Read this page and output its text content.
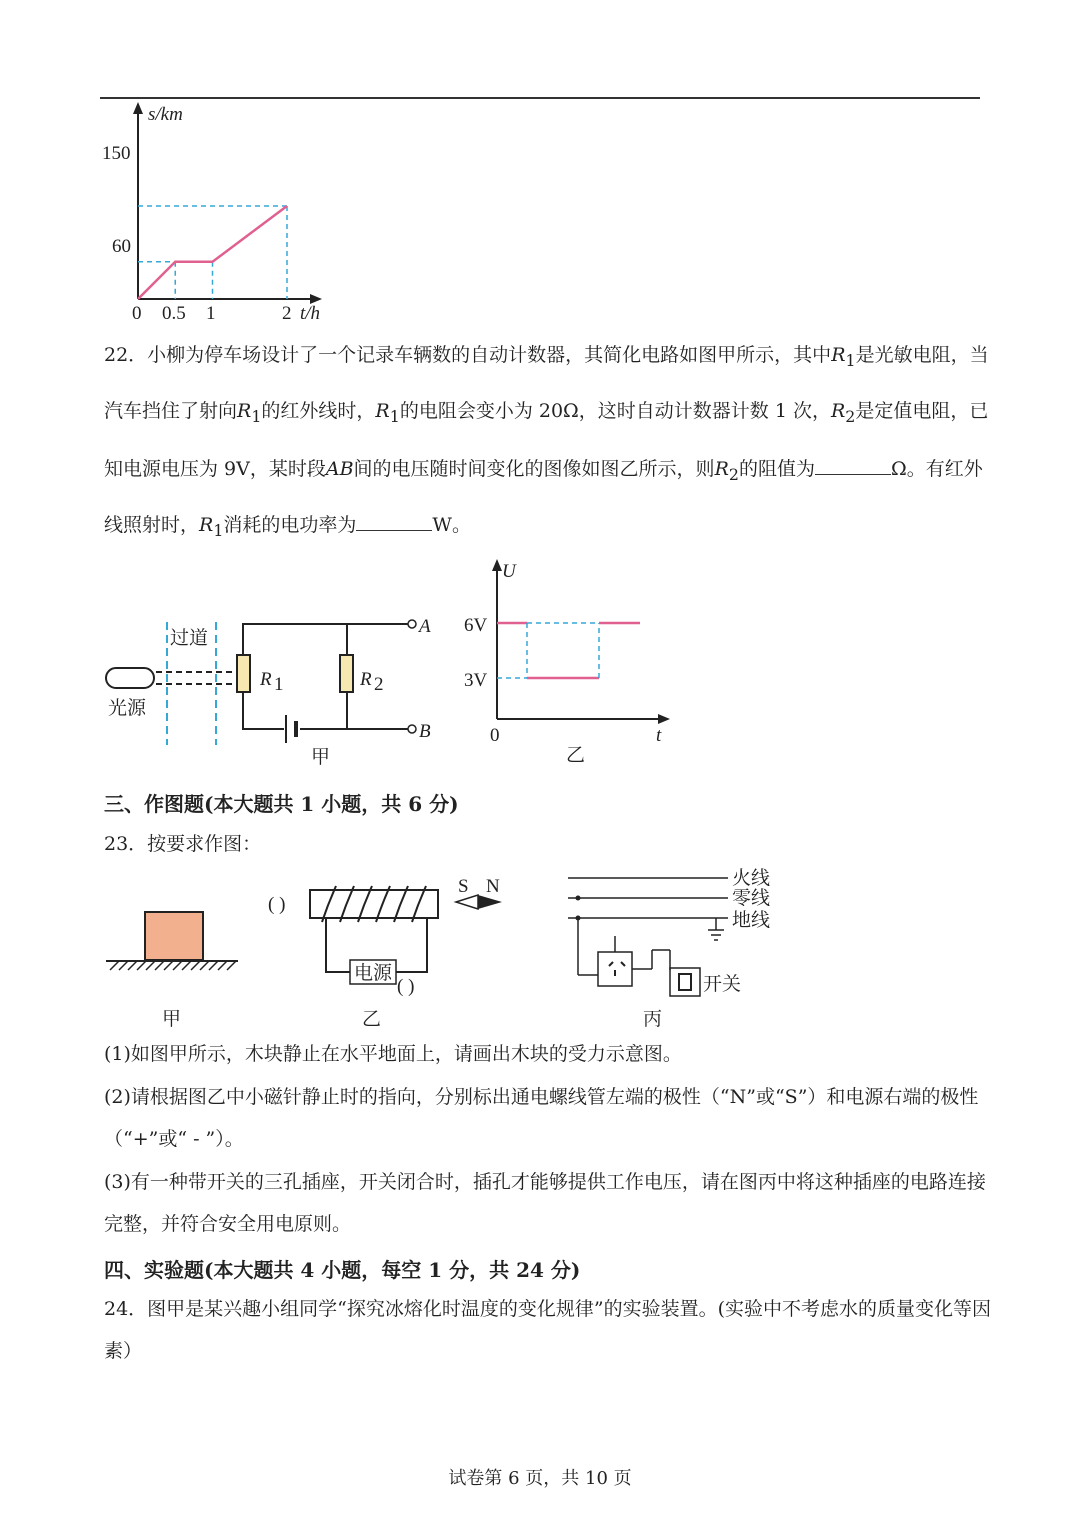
s/km
150
60
0 0.5 1	2 t/h
22．小柳为停车场设计了一个记录车辆数的自动计数器，其简化电路如图甲所示，其中$R_1$是光敏电阻，当
汽车挡住了射向$R_1$的红外线时，$R_1$的电阻会变小为 20Ω，这时自动计数器计数 1 次，$R_2$是定值电阻，已
知电源电压为 9V，某时段AB间的电压随时间变化的图像如图乙所示，则$R_2$的阻值为	Ω。有红外
线照射时，$R_1$消耗的电功率为	W。
过道
光源
A
B
R 1	R 2
甲
U
6V
3V
0	t
乙
三、作图题(本大题共 1 小题，共 6 分)
23．按要求作图：
甲
( )
电源
( )
乙
S N	火线
零线
地线
开关
丙
(1)如图甲所示，木块静止在水平地面上，请画出木块的受力示意图。
(2)请根据图乙中小磁针静止时的指向，分别标出通电螺线管左端的极性（“N”或“S”）和电源右端的极性
（“+”或“ - ”）。
(3)有一种带开关的三孔插座，开关闭合时，插孔才能够提供工作电压，请在图丙中将这种插座的电路连接
完整，并符合安全用电原则。
四、实验题(本大题共 4 小题，每空 1 分，共 24 分)
24．图甲是某兴趣小组同学“探究冰熔化时温度的变化规律”的实验装置。(实验中不考虑水的质量变化等因
素）
试卷第 6 页，共 10 页
